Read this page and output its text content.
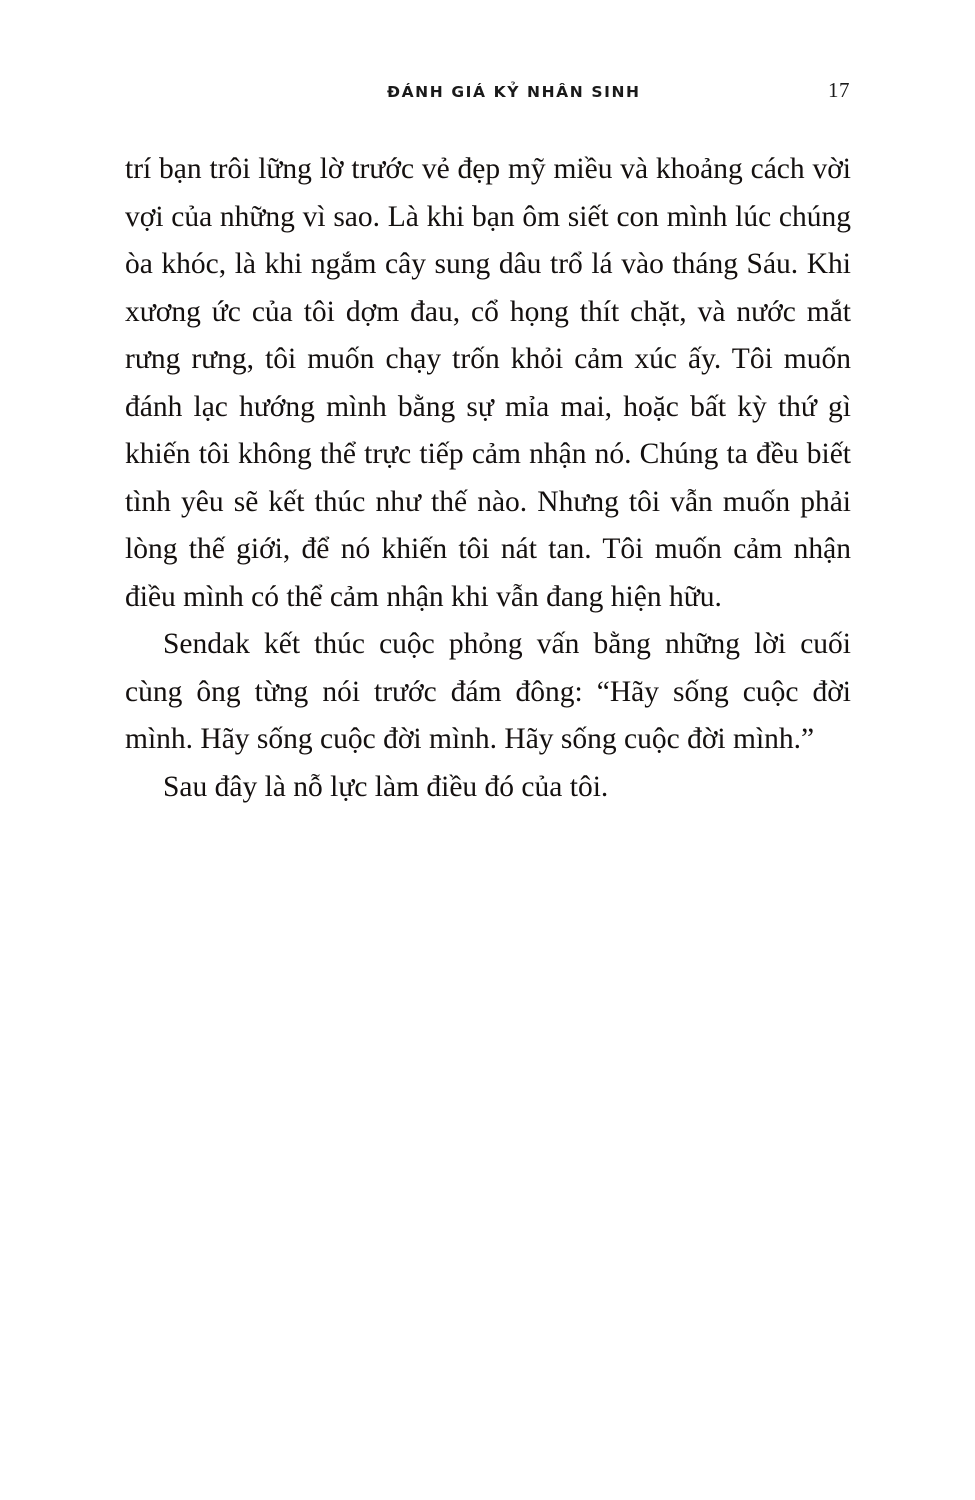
ĐÁNH GIÁ KỶ NHÂN SINH	17

trí bạn trôi lững lờ trước vẻ đẹp mỹ miều và khoảng cách vời vợi của những vì sao. Là khi bạn ôm siết con mình lúc chúng òa khóc, là khi ngắm cây sung dâu trổ lá vào tháng Sáu. Khi xương ức của tôi dợm đau, cổ họng thít chặt, và nước mắt rưng rưng, tôi muốn chạy trốn khỏi cảm xúc ấy. Tôi muốn đánh lạc hướng mình bằng sự mỉa mai, hoặc bất kỳ thứ gì khiến tôi không thể trực tiếp cảm nhận nó. Chúng ta đều biết tình yêu sẽ kết thúc như thế nào. Nhưng tôi vẫn muốn phải lòng thế giới, để nó khiến tôi nát tan. Tôi muốn cảm nhận điều mình có thể cảm nhận khi vẫn đang hiện hữu.

Sendak kết thúc cuộc phỏng vấn bằng những lời cuối cùng ông từng nói trước đám đông: “Hãy sống cuộc đời mình. Hãy sống cuộc đời mình. Hãy sống cuộc đời mình.”

Sau đây là nỗ lực làm điều đó của tôi.
